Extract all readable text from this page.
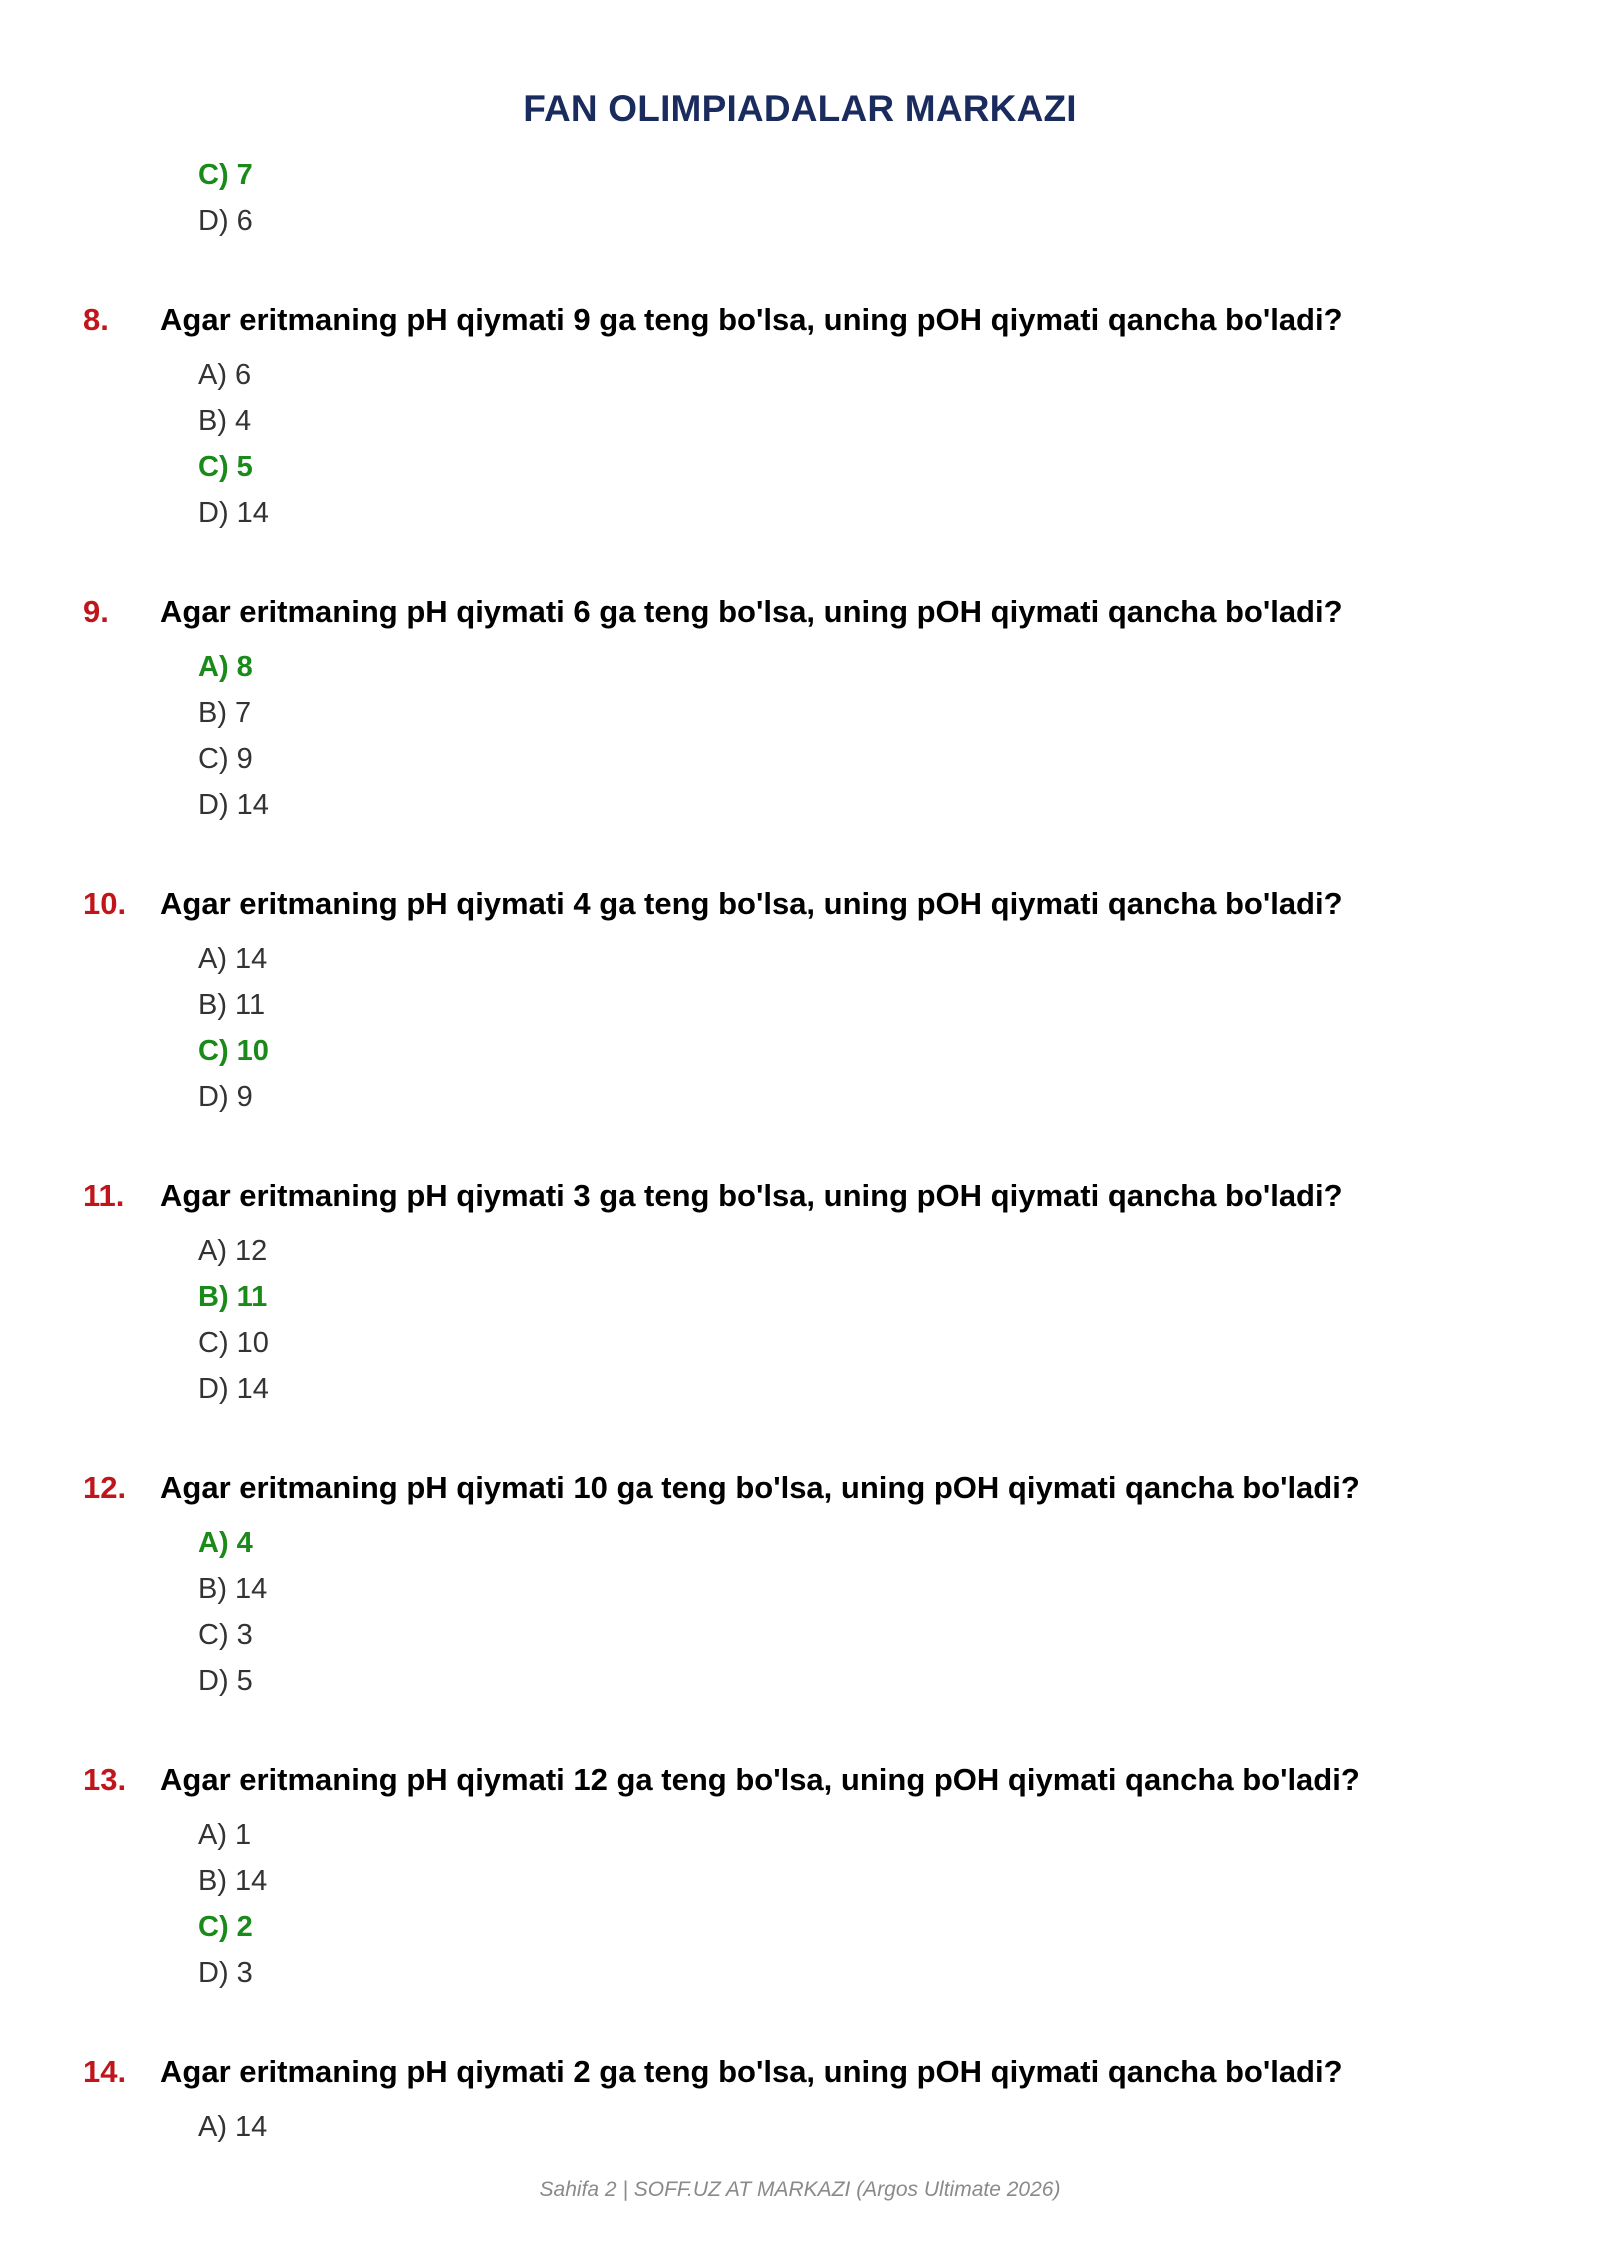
FAN OLIMPIADALAR MARKAZI
C) 7
D) 6
8. Agar eritmaning pH qiymati 9 ga teng bo'lsa, uning pOH qiymati qancha bo'ladi?
A) 6
B) 4
C) 5
D) 14
9. Agar eritmaning pH qiymati 6 ga teng bo'lsa, uning pOH qiymati qancha bo'ladi?
A) 8
B) 7
C) 9
D) 14
10. Agar eritmaning pH qiymati 4 ga teng bo'lsa, uning pOH qiymati qancha bo'ladi?
A) 14
B) 11
C) 10
D) 9
11. Agar eritmaning pH qiymati 3 ga teng bo'lsa, uning pOH qiymati qancha bo'ladi?
A) 12
B) 11
C) 10
D) 14
12. Agar eritmaning pH qiymati 10 ga teng bo'lsa, uning pOH qiymati qancha bo'ladi?
A) 4
B) 14
C) 3
D) 5
13. Agar eritmaning pH qiymati 12 ga teng bo'lsa, uning pOH qiymati qancha bo'ladi?
A) 1
B) 14
C) 2
D) 3
14. Agar eritmaning pH qiymati 2 ga teng bo'lsa, uning pOH qiymati qancha bo'ladi?
A) 14
Sahifa 2 | SOFF.UZ AT MARKAZI (Argos Ultimate 2026)
